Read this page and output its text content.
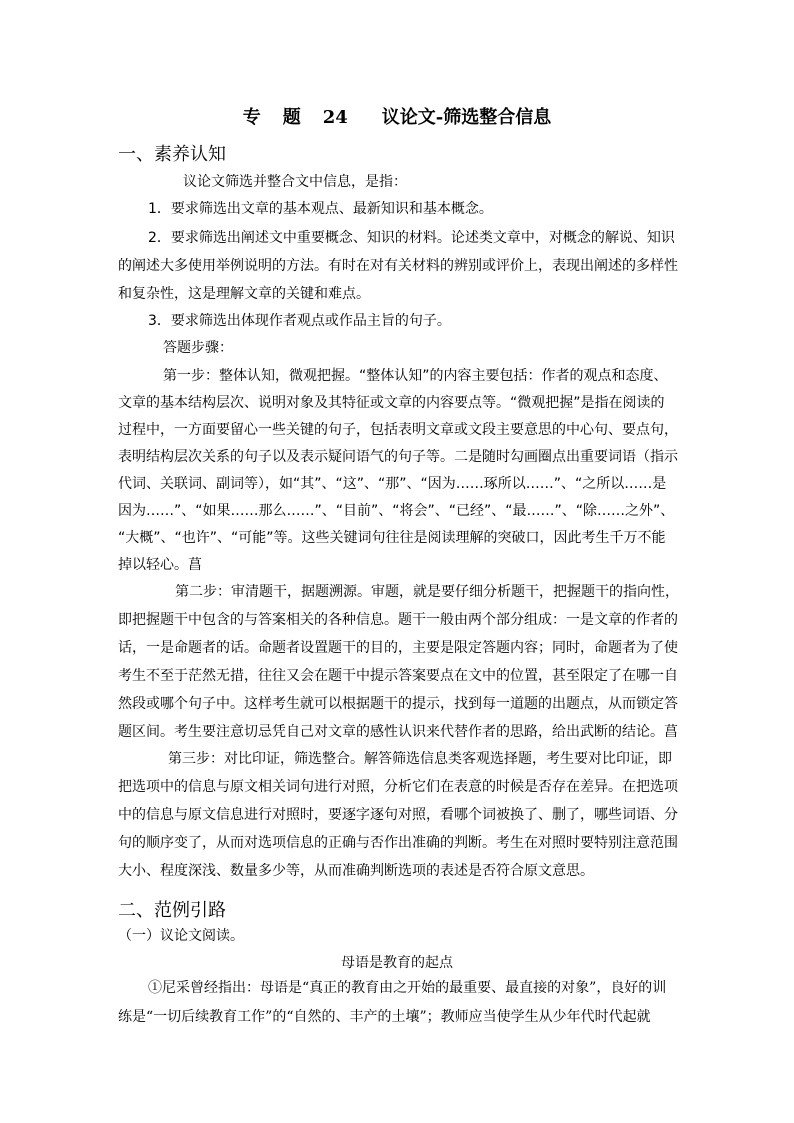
专 题 24 议论文-筛选整合信息
一、素养认知
议论文筛选并整合文中信息，是指：
1．要求筛选出文章的基本观点、最新知识和基本概念。
2．要求筛选出阐述文中重要概念、知识的材料。论述类文章中，对概念的解说、知识
的阐述大多使用举例说明的方法。有时在对有关材料的辨别或评价上，表现出阐述的多样性
和复杂性，这是理解文章的关键和难点。
3．要求筛选出体现作者观点或作品主旨的句子。
答题步骤：
第一步：整体认知，微观把握。“整体认知”的内容主要包括：作者的观点和态度、
文章的基本结构层次、说明对象及其特征或文章的内容要点等。“微观把握”是指在阅读的
过程中，一方面要留心一些关键的句子，包括表明文章或文段主要意思的中心句、要点句，
表明结构层次关系的句子以及表示疑问语气的句子等。二是随时勾画圈点出重要词语（指示
代词、关联词、副词等），如“其”、“这”、“那”、“因为……琢所以……”、“之所以……是
因为……”、“如果……那么……”、“目前”、“将会”、“已经”、“最……”、“除……之外”、
“大概”、“也许”、“可能”等。这些关键词句往往是阅读理解的突破口，因此考生千万不能
掉以轻心。菖
第二步：审清题干，据题溯源。审题，就是要仔细分析题干，把握题干的指向性，
即把握题干中包含的与答案相关的各种信息。题干一般由两个部分组成：一是文章的作者的
话，一是命题者的话。命题者设置题干的目的，主要是限定答题内容；同时，命题者为了使
考生不至于茫然无措，往往又会在题干中提示答案要点在文中的位置，甚至限定了在哪一自
然段或哪个句子中。这样考生就可以根据题干的提示，找到每一道题的出题点，从而锁定答
题区间。考生要注意切忌凭自己对文章的感性认识来代替作者的思路，给出武断的结论。菖
第三步：对比印证，筛选整合。解答筛选信息类客观选择题，考生要对比印证，即
把选项中的信息与原文相关词句进行对照，分析它们在表意的时候是否存在差异。在把选项
中的信息与原文信息进行对照时，要逐字逐句对照，看哪个词被换了、删了，哪些词语、分
句的顺序变了，从而对选项信息的正确与否作出准确的判断。考生在对照时要特别注意范围
大小、程度深浅、数量多少等，从而准确判断选项的表述是否符合原文意思。
二、范例引路
（一）议论文阅读。
母语是教育的起点
①尼采曾经指出：母语是“真正的教育由之开始的最重要、最直接的对象”，良好的训
练是“一切后续教育工作”的“自然的、丰产的土壤”；教师应当使学生从少年代时代起就
